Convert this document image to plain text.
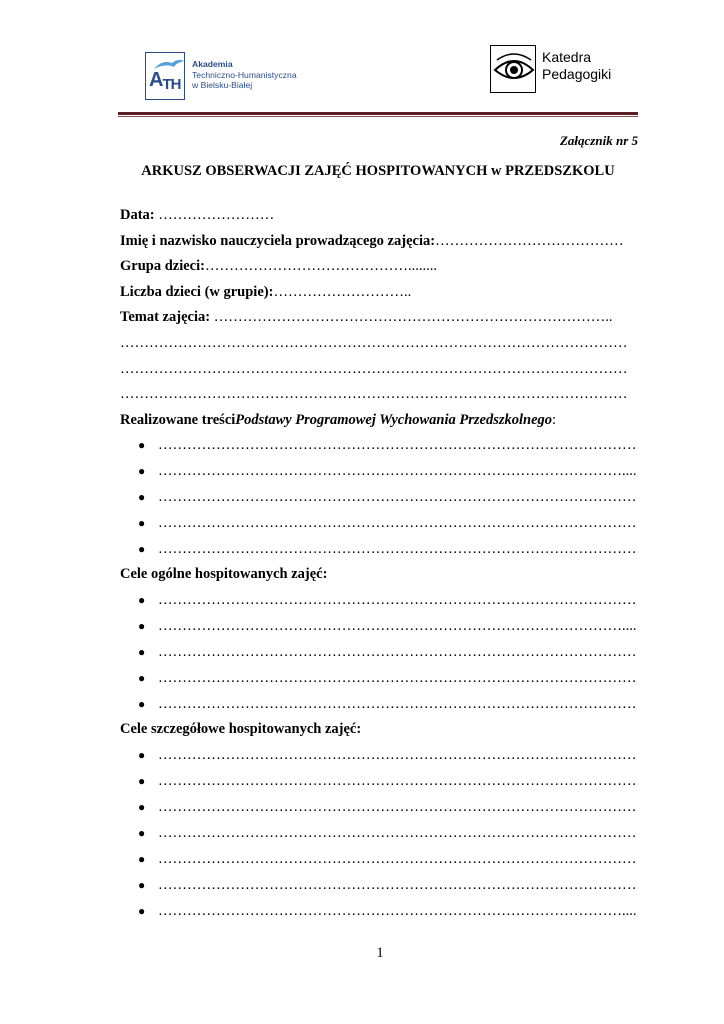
ATH
Akademia
Techniczno-Humanistyczna
w Bielsku-Białej
Katedra
Pedagogiki
Załącznik nr 5
ARKUSZ OBSERWACJI ZAJĘĆ HOSPITOWANYCH w PRZEDSZKOLU
Data: ……………………
Imię i nazwisko nauczyciela prowadzącego zajęcia:…………………………………
Grupa dzieci:……………………………………........
Liczba dzieci (w grupie):………………………..
Temat zajęcia: ………………………………………………………………………..
……………………………………………………………………………………………
……………………………………………………………………………………………
……………………………………………………………………………………………
Realizowane treściPodstawy Programowej Wychowania Przedszkolnego:
● ………………………………………………………………………………………
● ……………………………………………………………………………………....
● ………………………………………………………………………………………
● ………………………………………………………………………………………
● ………………………………………………………………………………………
Cele ogólne hospitowanych zajęć:
● ………………………………………………………………………………………
● ……………………………………………………………………………………....
● ………………………………………………………………………………………
● ………………………………………………………………………………………
● ………………………………………………………………………………………
Cele szczegółowe hospitowanych zajęć:
● ………………………………………………………………………………………
● ………………………………………………………………………………………
● ………………………………………………………………………………………
● ………………………………………………………………………………………
● ………………………………………………………………………………………
● ………………………………………………………………………………………
● ……………………………………………………………………………………....
1
